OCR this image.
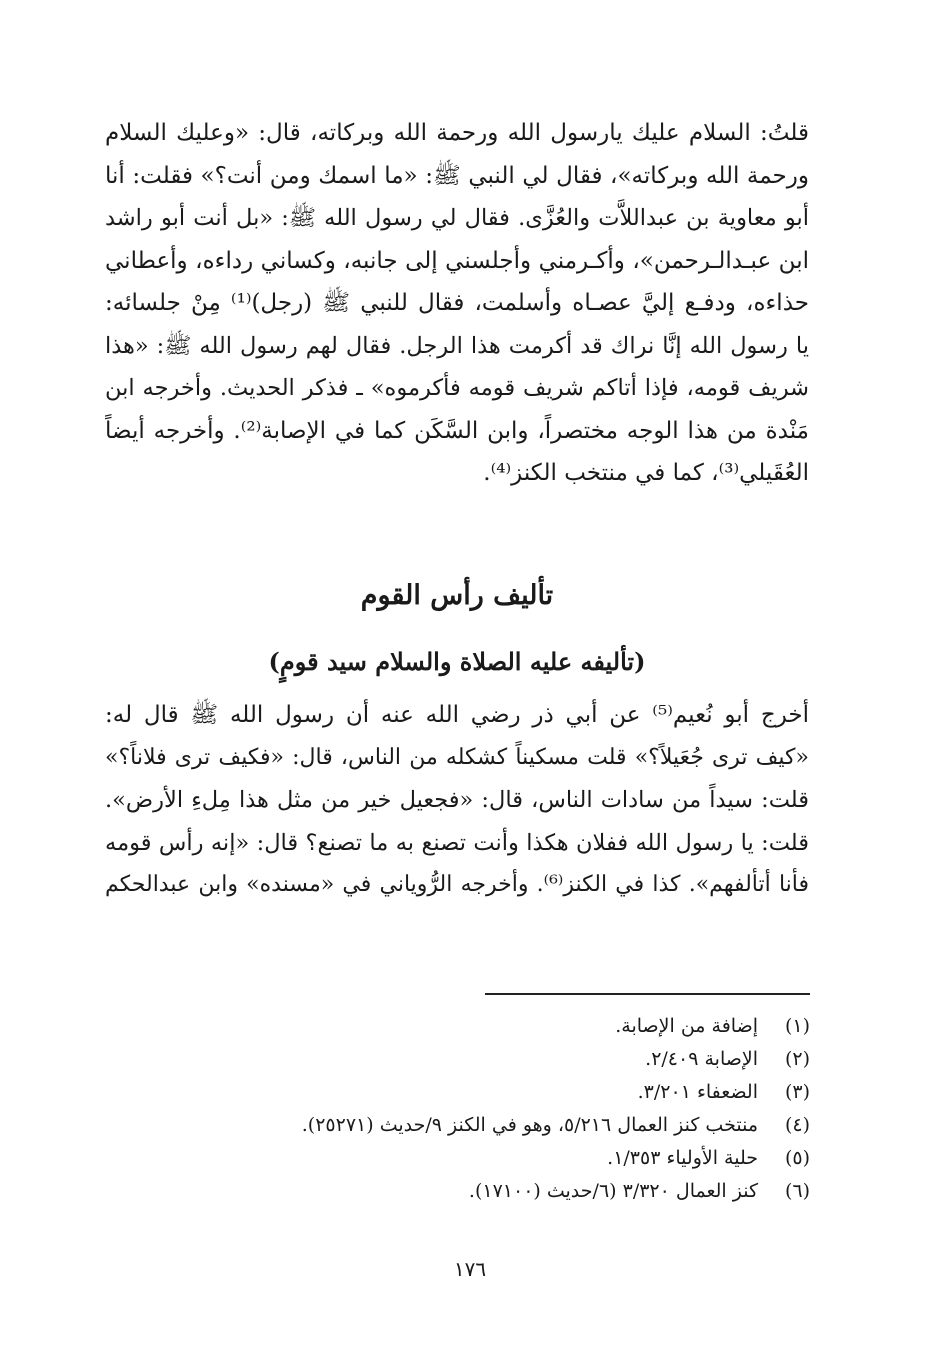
قلتُ: السلام عليك يارسول الله ورحمة الله وبركاته، قال: «وعليك السلام
ورحمة الله وبركاته»، فقال لي النبي ﷺ: «ما اسمك ومن أنت؟» فقلت: أنا
أبو معاوية بن عبداللاَّت والعُزَّى. فقال لي رسول الله ﷺ: «بل أنت أبو راشد
ابن عبـدالـرحمن»، وأكـرمني وأجلسني إلى جانبه، وكساني رداءه، وأعطاني
حذاءه، ودفـع إليَّ عصـاه وأسلمت، فقال للنبي ﷺ (رجل)⁽¹⁾ مِنْ جلسائه:
يا رسول الله إنَّا نراك قد أكرمت هذا الرجل. فقال لهم رسول الله ﷺ: «هذا
شريف قومه، فإذا أتاكم شريف قومه فأكرموه» ـ فذكر الحديث. وأخرجه ابن
مَنْدة من هذا الوجه مختصراً، وابن السَّكَن كما في الإصابة⁽²⁾. وأخرجه أيضاً
العُقَيلي⁽³⁾، كما في منتخب الكنز⁽⁴⁾.
تأليف رأس القوم
(تأليفه عليه الصلاة والسلام سيد قومٍ)
أخرج أبو نُعيم⁽⁵⁾ عن أبي ذر رضي الله عنه أن رسول الله ﷺ قال له:
«كيف ترى جُعَيلاً؟» قلت مسكيناً كشكله من الناس، قال: «فكيف ترى فلاناً؟»
قلت: سيداً من سادات الناس، قال: «فجعيل خير من مثل هذا مِلءِ الأرض».
قلت: يا رسول الله ففلان هكذا وأنت تصنع به ما تصنع؟ قال: «إنه رأس قومه
فأنا أتألفهم». كذا في الكنز⁽⁶⁾. وأخرجه الرُّوياني في «مسنده» وابن عبدالحكم
(١)
إضافة من الإصابة.
(٢)
الإصابة ٢/٤٠٩.
(٣)
الضعفاء ٣/٢٠١.
(٤)
منتخب كنز العمال ٥/٢١٦، وهو في الكنز ٩/حديث (٢٥٢٧١).
(٥)
حلية الأولياء ١/٣٥٣.
(٦)
كنز العمال ٣/٣٢٠ (٦/حديث (١٧١٠٠).
١٧٦
